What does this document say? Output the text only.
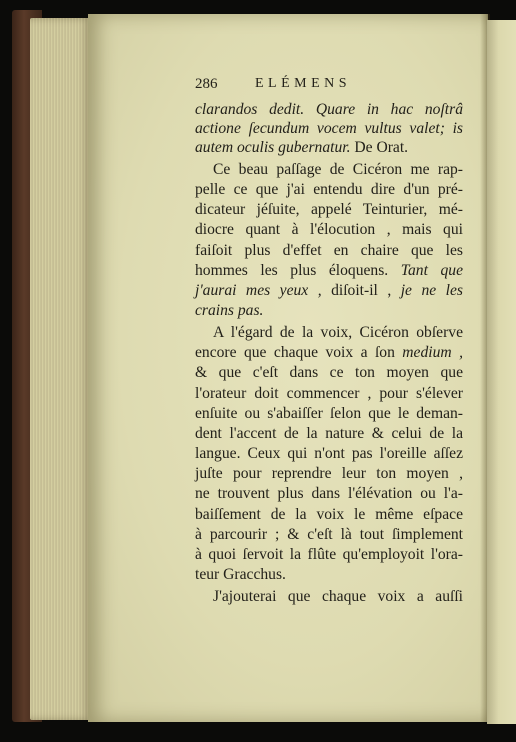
286	ELÉMENS
clarandos dedit. Quare in hac noſtrâ
actione ſecundum vocem vultus valet; is
autem oculis gubernatur. De Orat.
Ce beau paſſage de Cicéron me rap-
pelle ce que j'ai entendu dire d'un pré-
dicateur jéſuite, appelé Teinturier, mé-
diocre quant à l'élocution , mais qui
faiſoit plus d'effet en chaire que les
hommes les plus éloquens. Tant que
j'aurai mes yeux , diſoit-il , je ne les
crains pas.
A l'égard de la voix, Cicéron obſerve
encore que chaque voix a ſon medium ,
& que c'eſt dans ce ton moyen que
l'orateur doit commencer , pour s'élever
enſuite ou s'abaiſſer ſelon que le deman-
dent l'accent de la nature & celui de la
langue. Ceux qui n'ont pas l'oreille aſſez
juſte pour reprendre leur ton moyen ,
ne trouvent plus dans l'élévation ou l'a-
baiſſement de la voix le même eſpace
à parcourir ; & c'eſt là tout ſimplement
à quoi ſervoit la flûte qu'employoit l'ora-
teur Gracchus.
J'ajouterai que chaque voix a auſſi
